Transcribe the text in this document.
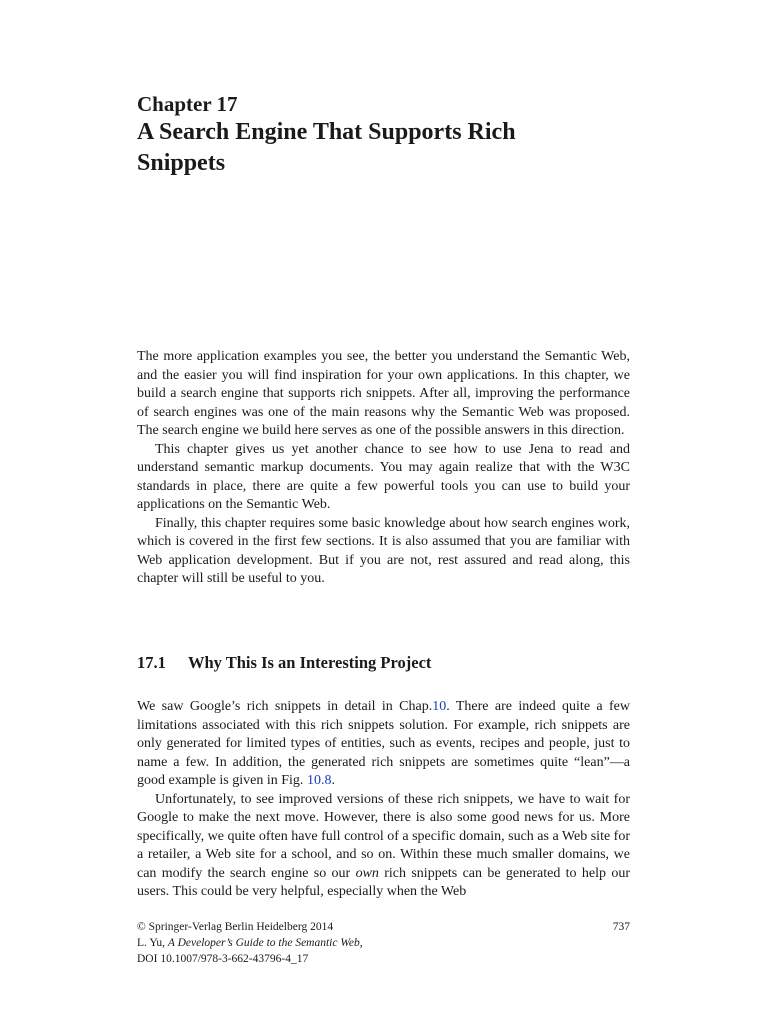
Chapter 17
A Search Engine That Supports Rich Snippets

The more application examples you see, the better you understand the Semantic Web, and the easier you will find inspiration for your own applications. In this chapter, we build a search engine that supports rich snippets. After all, improving the performance of search engines was one of the main reasons why the Semantic Web was proposed. The search engine we build here serves as one of the possible answers in this direction.

This chapter gives us yet another chance to see how to use Jena to read and understand semantic markup documents. You may again realize that with the W3C standards in place, there are quite a few powerful tools you can use to build your applications on the Semantic Web.

Finally, this chapter requires some basic knowledge about how search engines work, which is covered in the first few sections. It is also assumed that you are familiar with Web application development. But if you are not, rest assured and read along, this chapter will still be useful to you.

17.1 Why This Is an Interesting Project

We saw Google’s rich snippets in detail in Chap.10. There are indeed quite a few limitations associated with this rich snippets solution. For example, rich snippets are only generated for limited types of entities, such as events, recipes and people, just to name a few. In addition, the generated rich snippets are sometimes quite “lean”—a good example is given in Fig. 10.8.

Unfortunately, to see improved versions of these rich snippets, we have to wait for Google to make the next move. However, there is also some good news for us. More specifically, we quite often have full control of a specific domain, such as a Web site for a retailer, a Web site for a school, and so on. Within these much smaller domains, we can modify the search engine so our own rich snippets can be generated to help our users. This could be very helpful, especially when the Web

© Springer-Verlag Berlin Heidelberg 2014	737
L. Yu, A Developer’s Guide to the Semantic Web,
DOI 10.1007/978-3-662-43796-4_17
